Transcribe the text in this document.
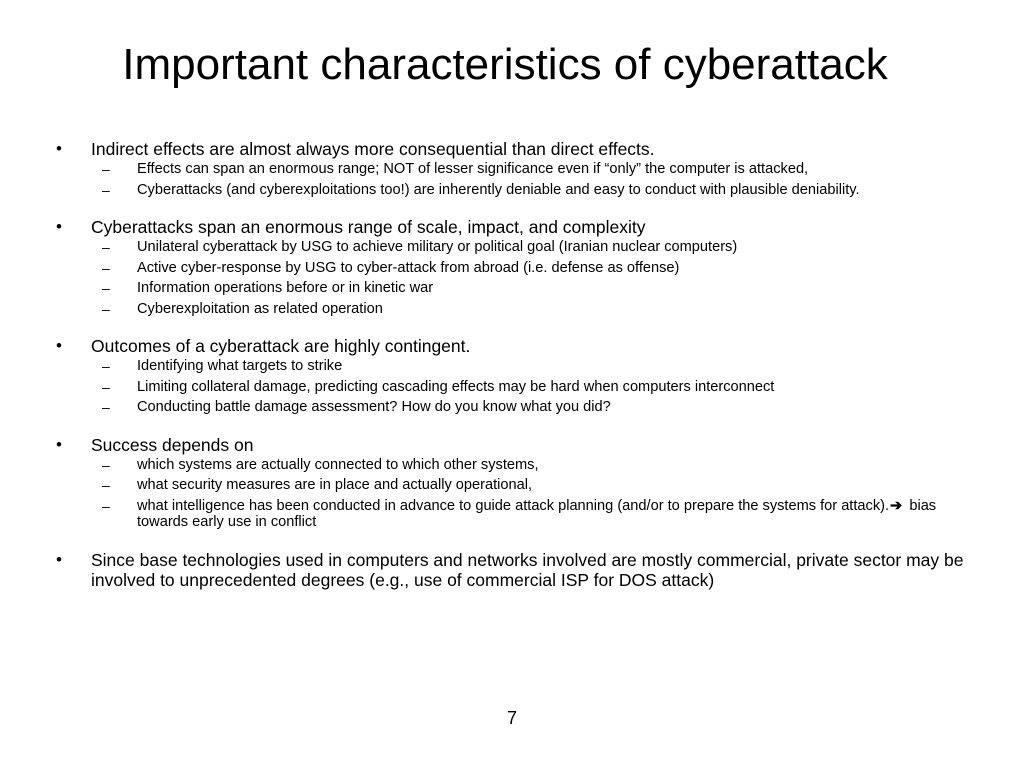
Important characteristics of cyberattack
•	Indirect effects are almost always more consequential than direct effects.
– Effects can span an enormous range; NOT of lesser significance even if “only” the computer is attacked,
– Cyberattacks (and cyberexploitations too!) are inherently deniable and easy to conduct with plausible deniability.
•	Cyberattacks span an enormous range of scale, impact, and complexity
– Unilateral cyberattack by USG to achieve military or political goal (Iranian nuclear computers)
– Active cyber-response by USG to cyber-attack from abroad (i.e. defense as offense)
– Information operations before or in kinetic war
– Cyberexploitation as related operation
•	Outcomes of a cyberattack are highly contingent.
– Identifying what targets to strike
– Limiting collateral damage, predicting cascading effects may be hard when computers interconnect
– Conducting battle damage assessment? How do you know what you did?
•	Success depends on
– which systems are actually connected to which other systems,
– what security measures are in place and actually operational,
– what intelligence has been conducted in advance to guide attack planning (and/or to prepare the systems for attack).➔ bias towards early use in conflict
•	Since base technologies used in computers and networks involved are mostly commercial, private sector may be involved to unprecedented degrees (e.g., use of commercial ISP for DOS attack)
7
